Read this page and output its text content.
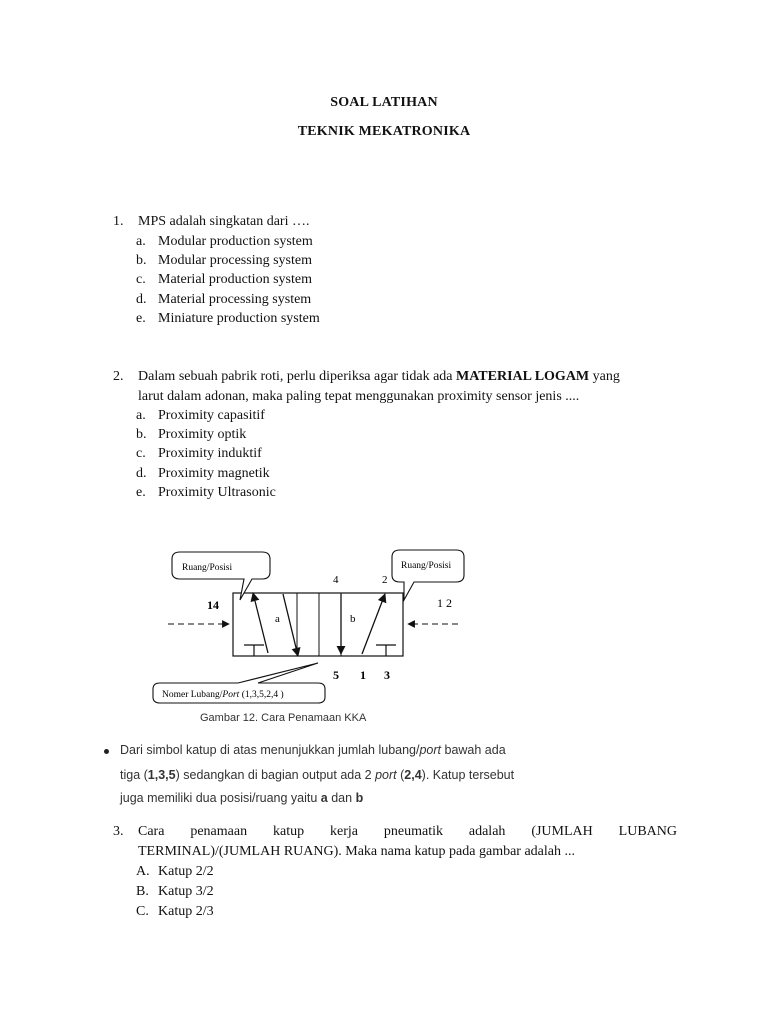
SOAL LATIHAN
TEKNIK MEKATRONIKA
1. MPS adalah singkatan dari ….
a. Modular production system
b. Modular processing system
c. Material production system
d. Material processing system
e. Miniature production system
2. Dalam sebuah pabrik roti, perlu diperiksa agar tidak ada MATERIAL LOGAM yang
larut dalam adonan, maka paling tepat menggunakan proximity sensor jenis ....
a. Proximity capasitif
b. Proximity optik
c. Proximity induktif
d. Proximity magnetik
e. Proximity Ultrasonic
Ruang/Posisi	Ruang/Posisi
14	1 2
4	2
a	b
5 1 3
Nomer Lubang/Port (1,3,5,2,4 )
Gambar 12. Cara Penamaan KKA
Dari simbol katup di atas menunjukkan jumlah lubang/port bawah ada
tiga (1,3,5) sedangkan di bagian output ada 2 port (2,4). Katup tersebut
juga memiliki dua posisi/ruang yaitu a dan b
3. Cara penamaan katup kerja pneumatik adalah (JUMLAH LUBANG
TERMINAL)/(JUMLAH RUANG). Maka nama katup pada gambar adalah ...
A. Katup 2/2
B. Katup 3/2
C. Katup 2/3
